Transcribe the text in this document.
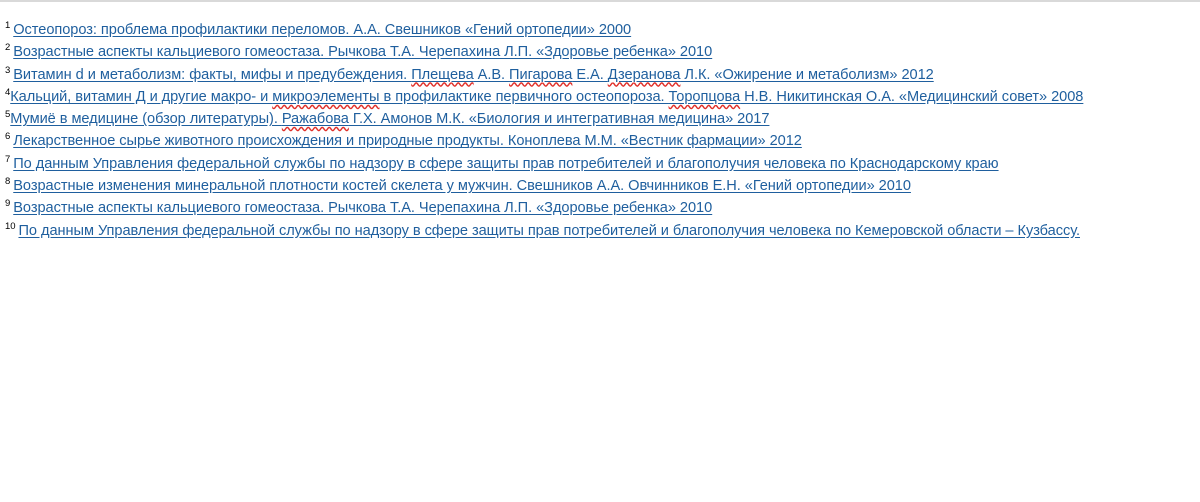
$^1$ Остеопороз: проблема профилактики переломов. А.А. Свешников «Гений ортопедии» 2000
$^2$ Возрастные аспекты кальциевого гомеостаза. Рычкова Т.А. Черепахина Л.П. «Здоровье ребенка» 2010
$^3$ Витамин d и метаболизм: факты, мифы и предубеждения. Плещева А.В. Пигарова Е.А. Дзеранова Л.К. «Ожирение и метаболизм» 2012
$^4$Кальций, витамин Д и другие макро- и микроэлементы в профилактике первичного остеопороза. Торопцова Н.В. Никитинская О.А. «Медицинский совет» 2008
$^5$Мумиё в медицине (обзор литературы). Ражабова Г.Х. Амонов М.К. «Биология и интегративная медицина» 2017
$^6$ Лекарственное сырье животного происхождения и природные продукты. Коноплева М.М. «Вестник фармации» 2012
$^7$ По данным Управления федеральной службы по надзору в сфере защиты прав потребителей и благополучия человека по Краснодарскому краю
$^8$ Возрастные изменения минеральной плотности костей скелета у мужчин. Свешников А.А. Овчинников Е.Н. «Гений ортопедии» 2010
$^9$ Возрастные аспекты кальциевого гомеостаза. Рычкова Т.А. Черепахина Л.П. «Здоровье ребенка» 2010
$^{10}$ По данным Управления федеральной службы по надзору в сфере защиты прав потребителей и благополучия человека по Кемеровской области – Кузбассу.
